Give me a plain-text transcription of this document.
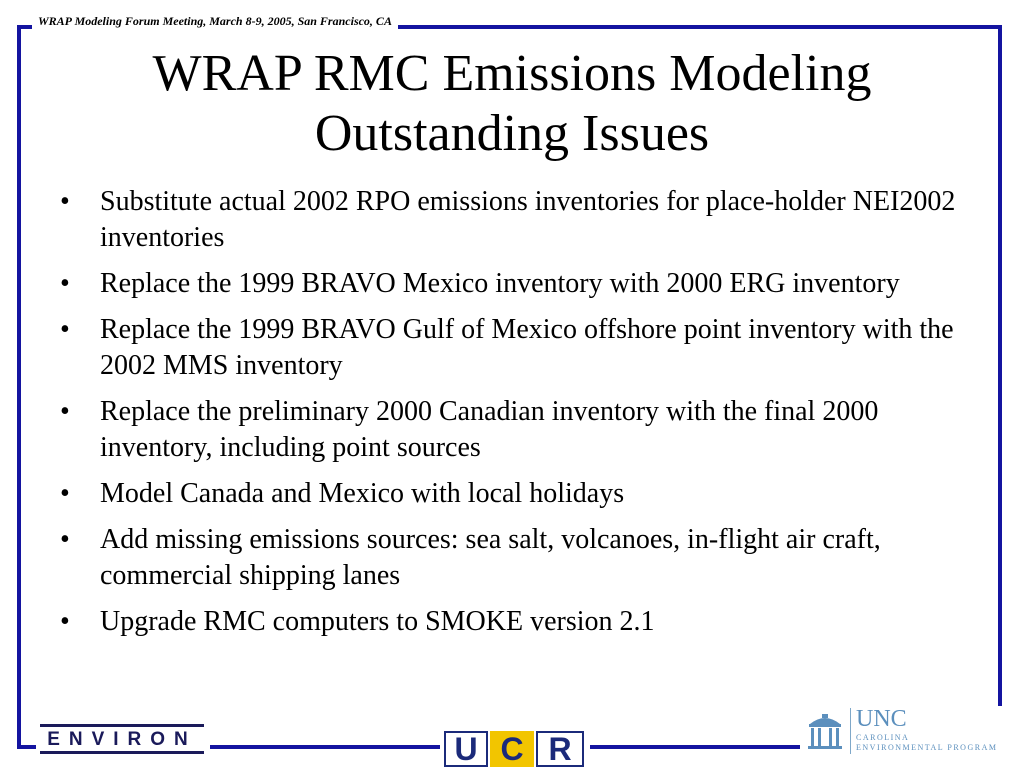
WRAP Modeling Forum Meeting, March 8-9, 2005, San Francisco, CA
WRAP RMC Emissions Modeling
Outstanding Issues
•	Substitute actual 2002 RPO emissions inventories for place-holder NEI2002 inventories
•	Replace the 1999 BRAVO Mexico inventory with 2000 ERG inventory
•	Replace the 1999 BRAVO Gulf of Mexico offshore point inventory with the 2002 MMS inventory
•	Replace the preliminary 2000 Canadian inventory with the final 2000 inventory, including point sources
•	Model Canada and Mexico with local holidays
•	Add missing emissions sources: sea salt, volcanoes, in-flight air craft, commercial shipping lanes
•	Upgrade RMC computers to SMOKE version 2.1
ENVIRON	U C R
UNC
CAROLINA
ENVIRONMENTAL PROGRAM
